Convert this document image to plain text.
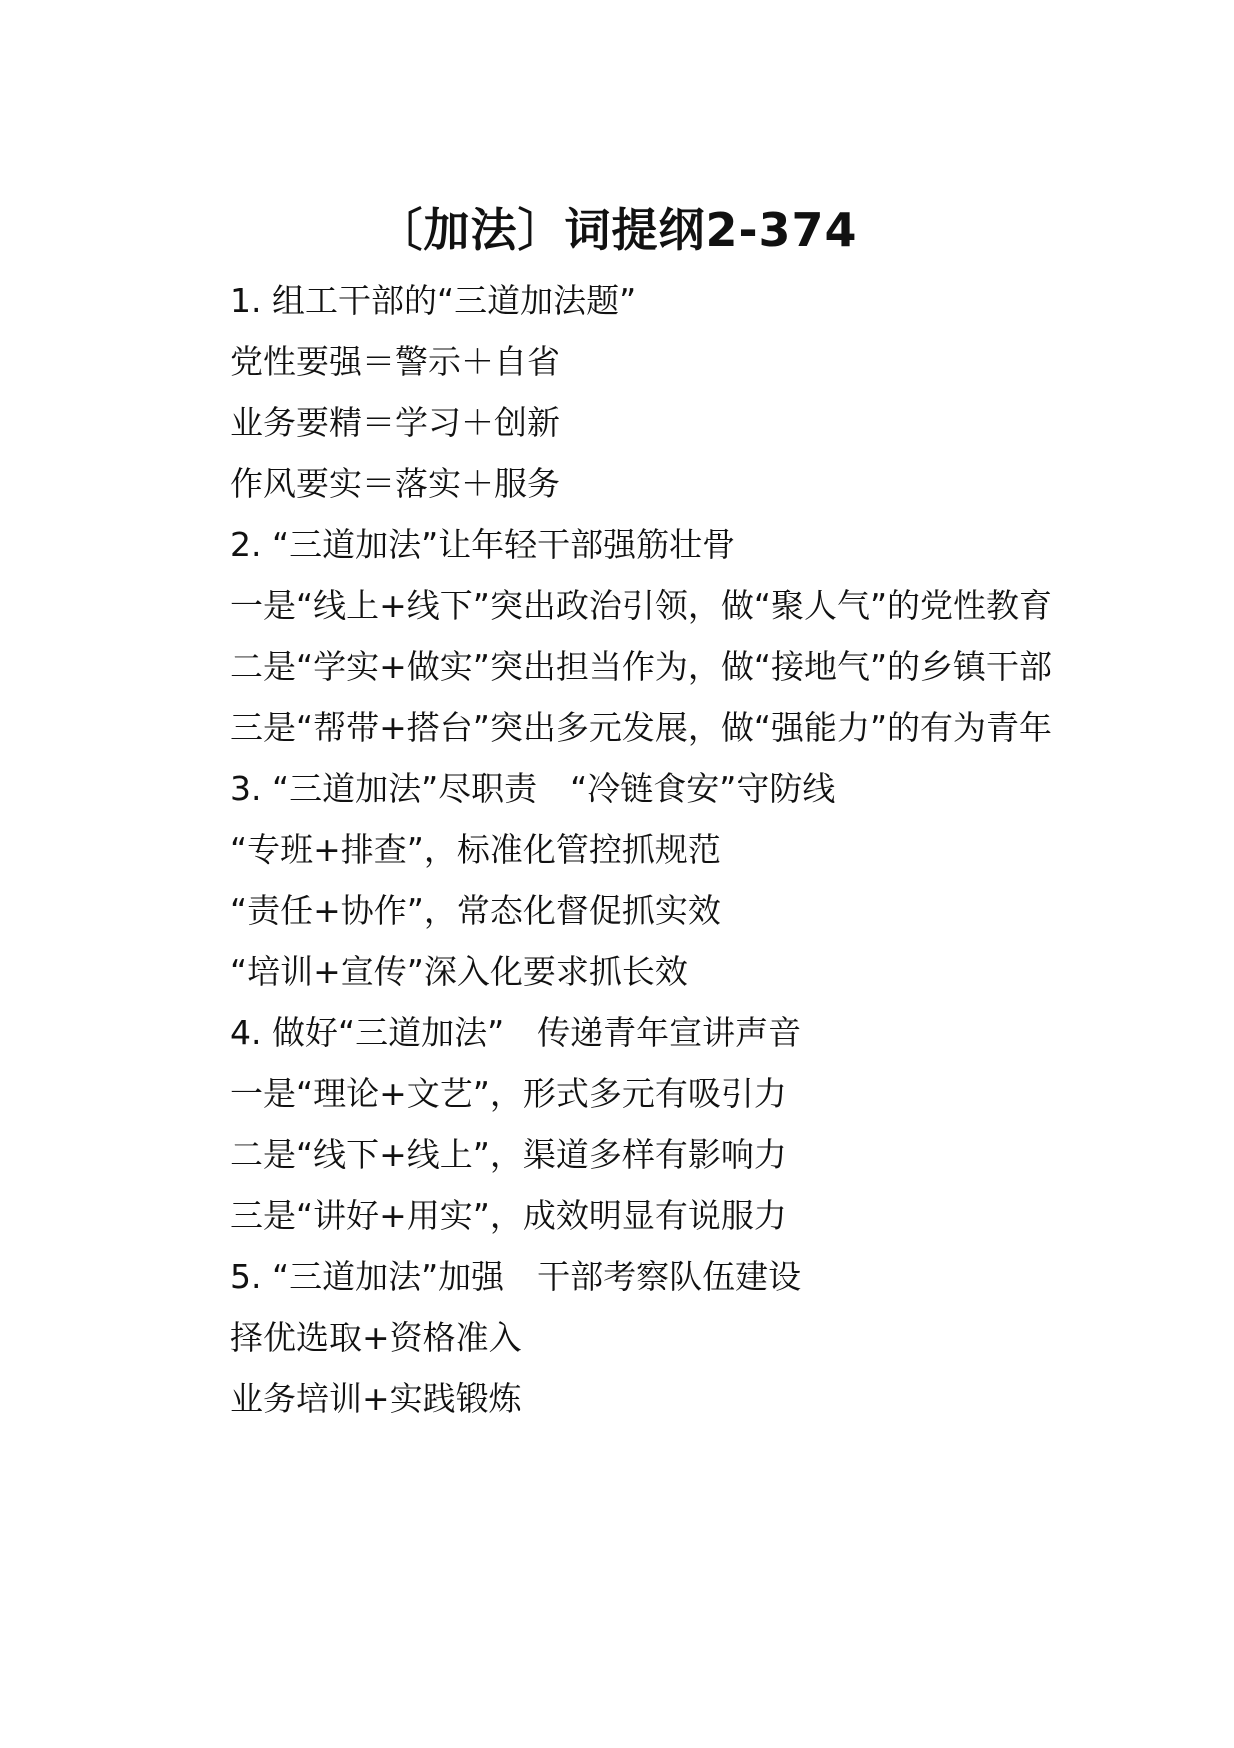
〔加法〕词提纲2-374

1. 组工干部的“三道加法题”

党性要强＝警示＋自省

业务要精＝学习＋创新

作风要实＝落实＋服务

2. “三道加法”让年轻干部强筋壮骨

一是“线上+线下”突出政治引领，做“聚人气”的党性教育

二是“学实+做实”突出担当作为，做“接地气”的乡镇干部

三是“帮带+搭台”突出多元发展，做“强能力”的有为青年

3. “三道加法”尽职责　“冷链食安”守防线

“专班+排查”，标准化管控抓规范

“责任+协作”，常态化督促抓实效

“培训+宣传”深入化要求抓长效

4. 做好“三道加法”　传递青年宣讲声音

一是“理论+文艺”，形式多元有吸引力

二是“线下+线上”，渠道多样有影响力

三是“讲好+用实”，成效明显有说服力

5. “三道加法”加强　干部考察队伍建设

择优选取+资格准入

业务培训+实践锻炼
